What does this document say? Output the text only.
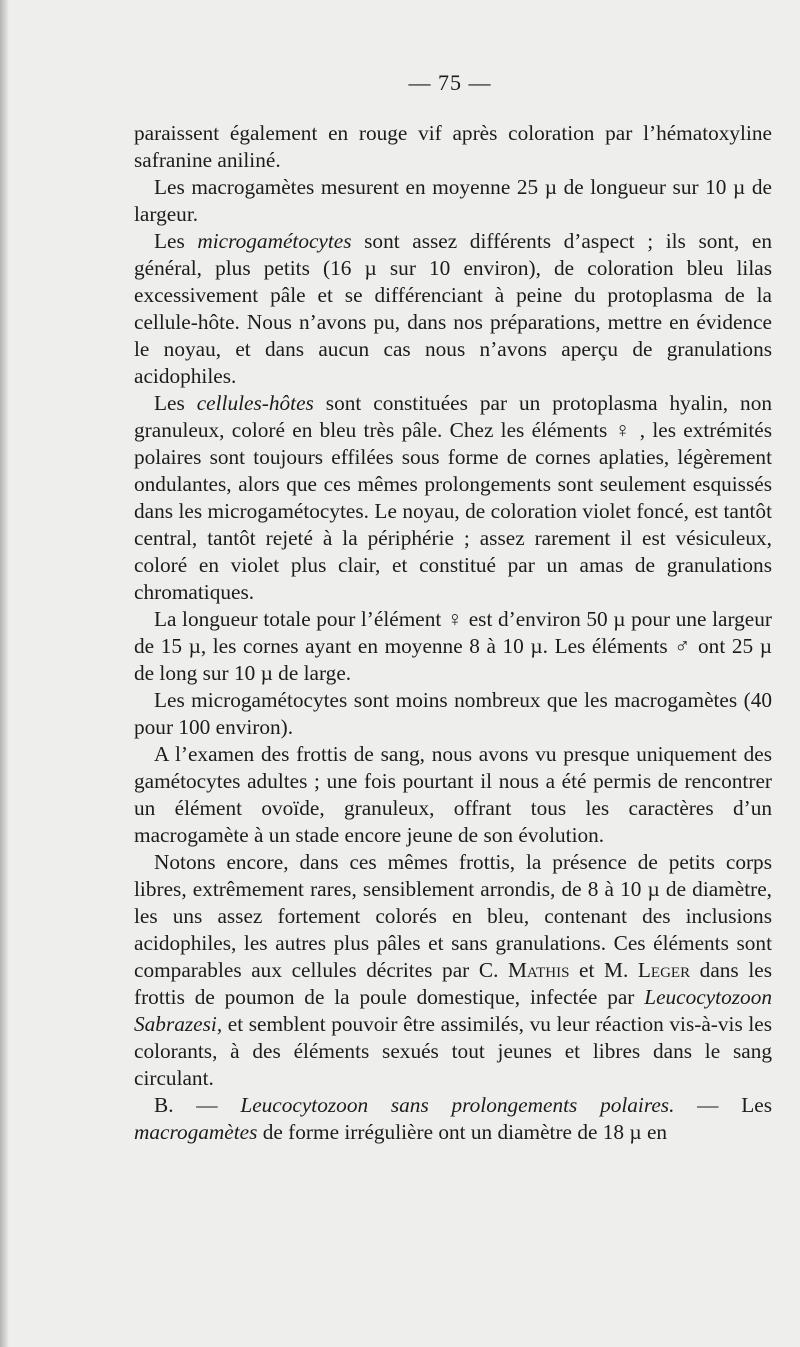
— 75 —

paraissent également en rouge vif après coloration par l’hématoxyline safranine aniliné.

Les macrogamètes mesurent en moyenne 25 µ de longueur sur 10 µ de largeur.

Les microgamétocytes sont assez différents d’aspect ; ils sont, en général, plus petits (16 µ sur 10 environ), de coloration bleu lilas excessivement pâle et se différenciant à peine du protoplasma de la cellule-hôte. Nous n’avons pu, dans nos préparations, mettre en évidence le noyau, et dans aucun cas nous n’avons aperçu de granulations acidophiles.

Les cellules-hôtes sont constituées par un protoplasma hyalin, non granuleux, coloré en bleu très pâle. Chez les éléments ♀ , les extrémités polaires sont toujours effilées sous forme de cornes aplaties, légèrement ondulantes, alors que ces mêmes prolongements sont seulement esquissés dans les microgamétocytes. Le noyau, de coloration violet foncé, est tantôt central, tantôt rejeté à la périphérie ; assez rarement il est vésiculeux, coloré en violet plus clair, et constitué par un amas de granulations chromatiques.

La longueur totale pour l’élément ♀ est d’environ 50 µ pour une largeur de 15 µ, les cornes ayant en moyenne 8 à 10 µ. Les éléments ♂ ont 25 µ de long sur 10 µ de large.

Les microgamétocytes sont moins nombreux que les macrogamètes (40 pour 100 environ).

A l’examen des frottis de sang, nous avons vu presque uniquement des gamétocytes adultes ; une fois pourtant il nous a été permis de rencontrer un élément ovoïde, granuleux, offrant tous les caractères d’un macrogamète à un stade encore jeune de son évolution.

Notons encore, dans ces mêmes frottis, la présence de petits corps libres, extrêmement rares, sensiblement arrondis, de 8 à 10 µ de diamètre, les uns assez fortement colorés en bleu, contenant des inclusions acidophiles, les autres plus pâles et sans granulations. Ces éléments sont comparables aux cellules décrites par C. Mathis et M. Leger dans les frottis de poumon de la poule domestique, infectée par Leucocytozoon Sabrazesi, et semblent pouvoir être assimilés, vu leur réaction vis-à-vis les colorants, à des éléments sexués tout jeunes et libres dans le sang circulant.

B. — Leucocytozoon sans prolongements polaires. — Les macrogamètes de forme irrégulière ont un diamètre de 18 µ en
